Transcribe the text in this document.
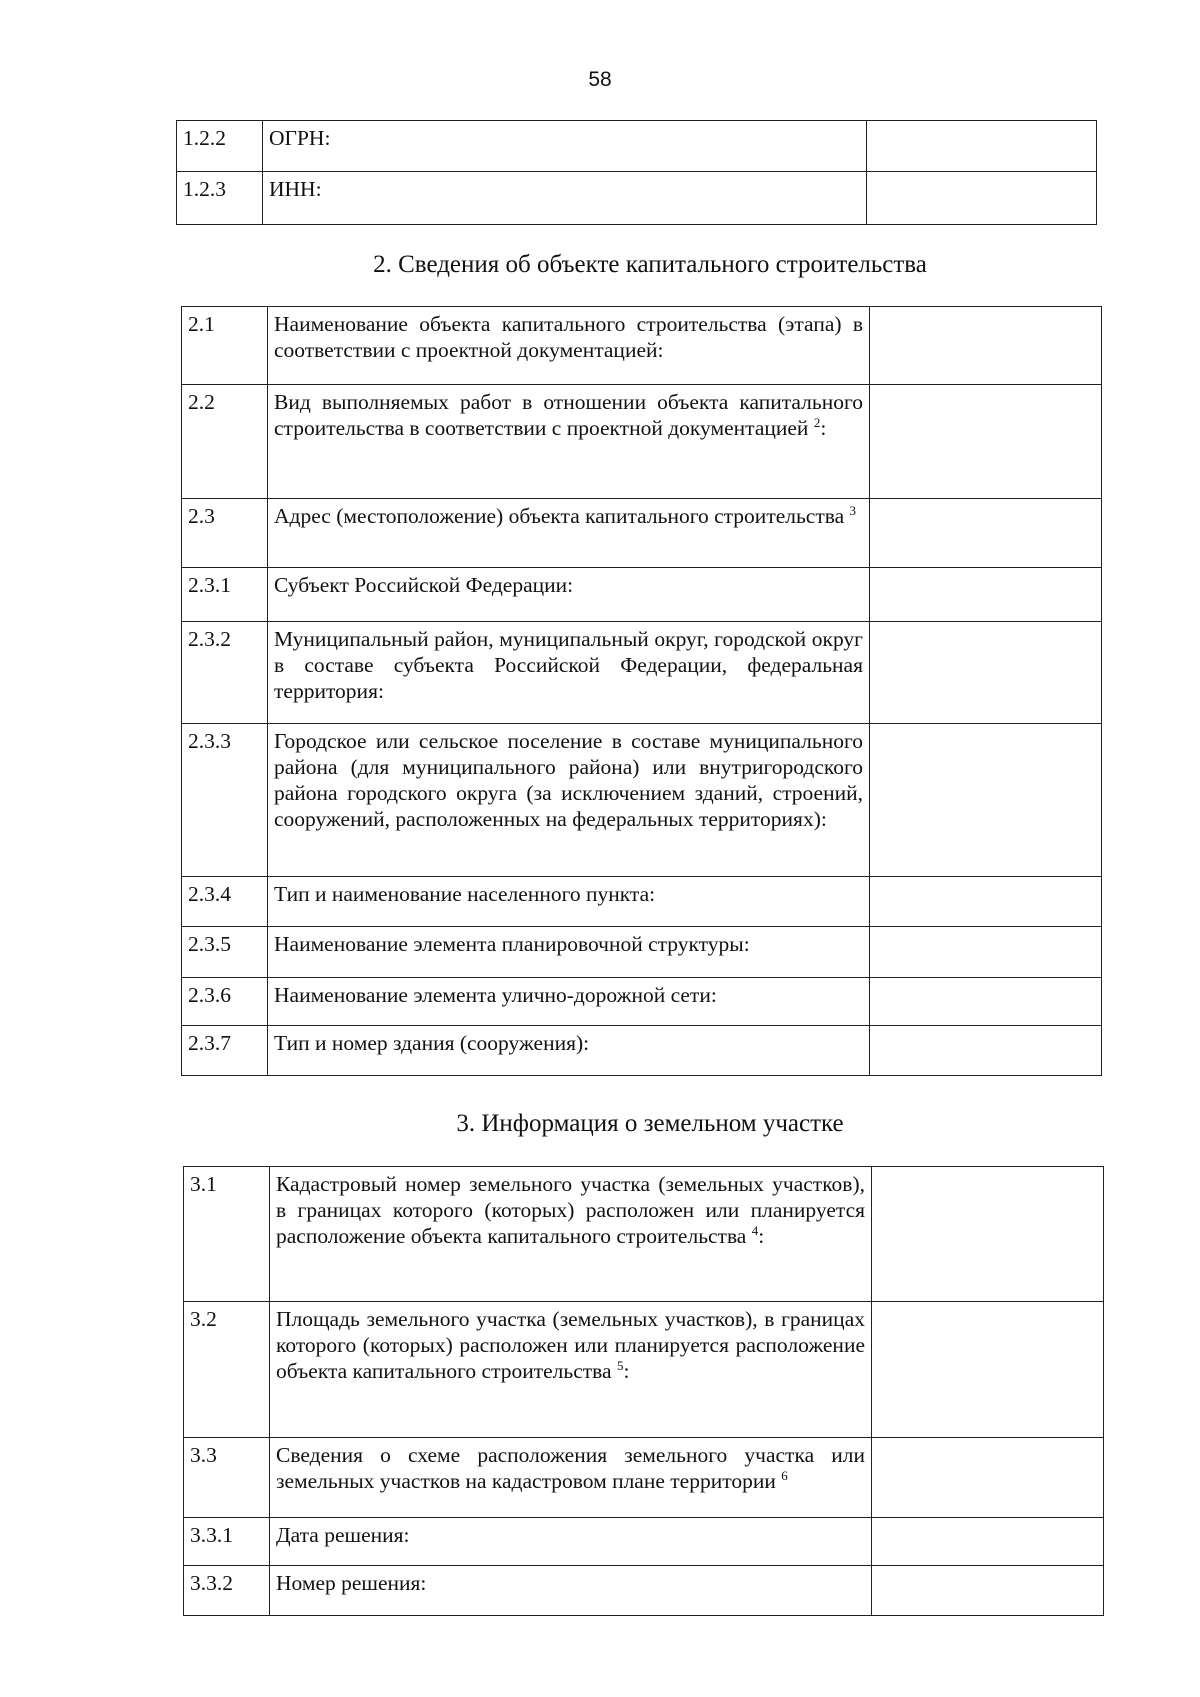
58
1.2.2	ОГРН:	
1.2.3	ИНН:	
2. Сведения об объекте капитального строительства
2.1	Наименование объекта капитального строительства (этапа) в соответствии с проектной документацией:	
2.2	Вид выполняемых работ в отношении объекта капитального строительства в соответствии с проектной документацией $^2$:	
2.3	Адрес (местоположение) объекта капитального строительства $^3$	
2.3.1	Субъект Российской Федерации:	
2.3.2	Муниципальный район, муниципальный округ, городской округ в составе субъекта Российской Федерации, федеральная территория:	
2.3.3	Городское или сельское поселение в составе муниципального района (для муниципального района) или внутригородского района городского округа (за исключением зданий, строений, сооружений, расположенных на федеральных территориях):	
2.3.4	Тип и наименование населенного пункта:	
2.3.5	Наименование элемента планировочной структуры:	
2.3.6	Наименование элемента улично-дорожной сети:	
2.3.7	Тип и номер здания (сооружения):	
3. Информация о земельном участке
3.1	Кадастровый номер земельного участка (земельных участков), в границах которого (которых) расположен или планируется расположение объекта капитального строительства $^4$:	
3.2	Площадь земельного участка (земельных участков), в границах которого (которых) расположен или планируется расположение объекта капитального строительства $^5$:	
3.3	Сведения о схеме расположения земельного участка или земельных участков на кадастровом плане территории $^6$	
3.3.1	Дата решения:	
3.3.2	Номер решения:	
